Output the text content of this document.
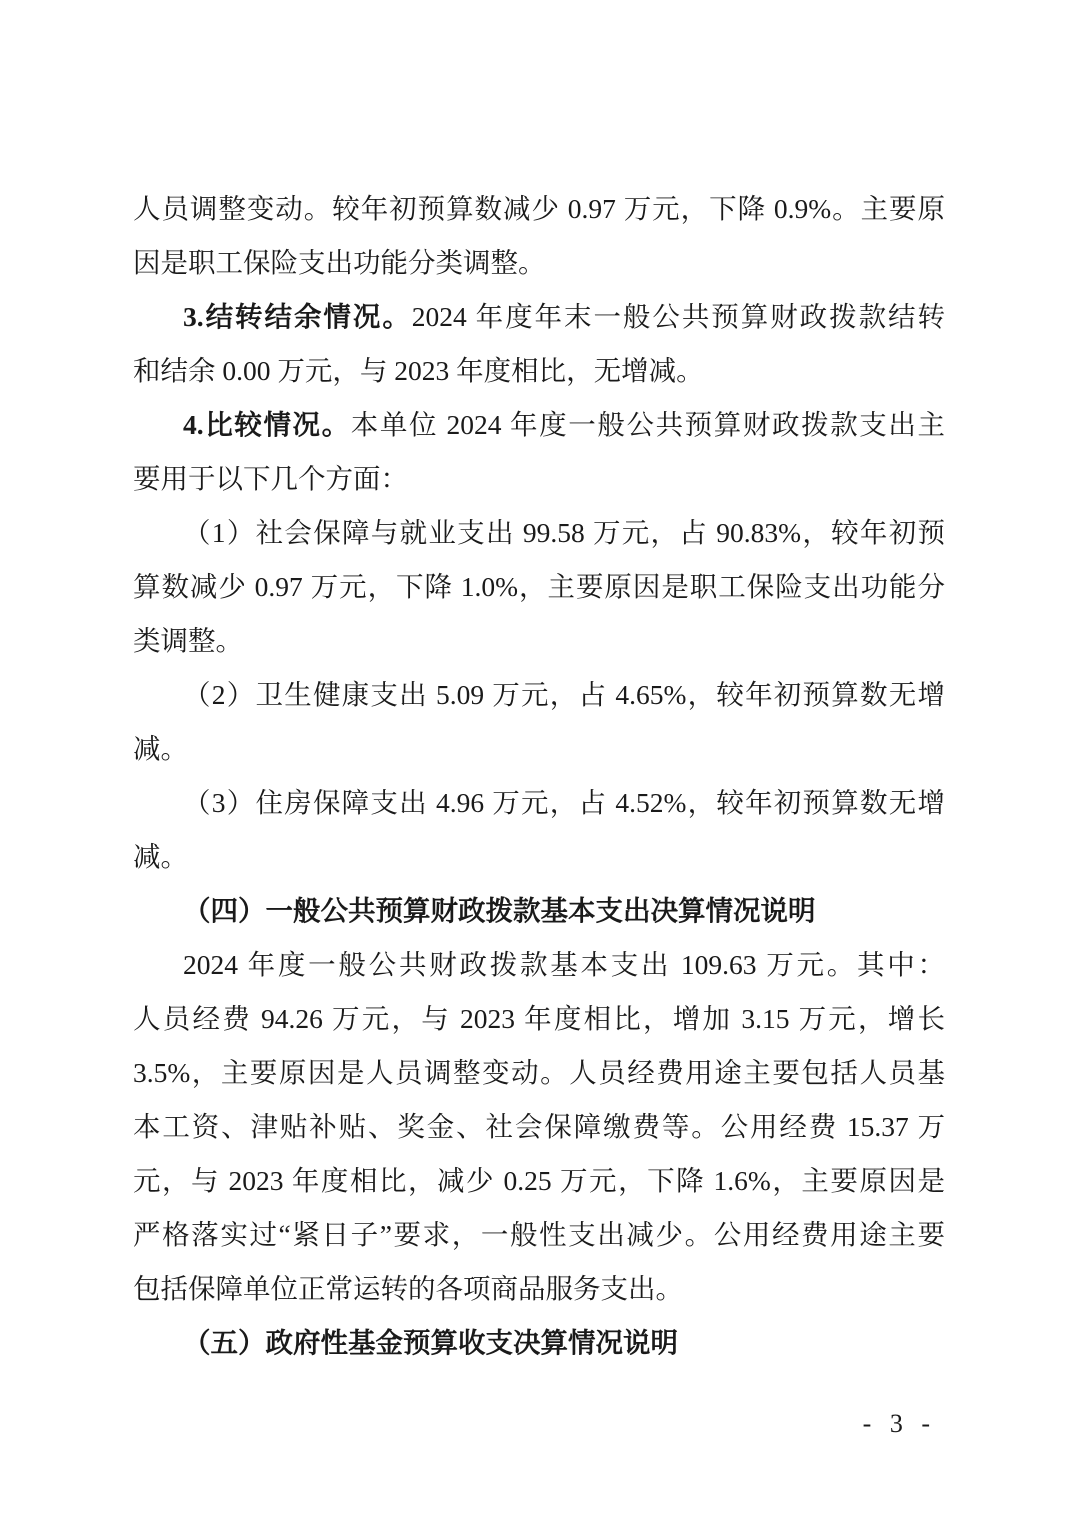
人员调整变动。较年初预算数减少 0.97 万元，下降 0.9%。主要原
因是职工保险支出功能分类调整。
3.结转结余情况。2024 年度年末一般公共预算财政拨款结转
和结余 0.00 万元，与 2023 年度相比，无增减。
4.比较情况。本单位 2024 年度一般公共预算财政拨款支出主
要用于以下几个方面：
（1）社会保障与就业支出 99.58 万元，占 90.83%，较年初预
算数减少 0.97 万元，下降 1.0%，主要原因是职工保险支出功能分
类调整。
（2）卫生健康支出 5.09 万元，占 4.65%，较年初预算数无增
减。
（3）住房保障支出 4.96 万元，占 4.52%，较年初预算数无增
减。
（四）一般公共预算财政拨款基本支出决算情况说明
2024 年度一般公共财政拨款基本支出 109.63 万元。其中：
人员经费 94.26 万元，与 2023 年度相比，增加 3.15 万元，增长
3.5%，主要原因是人员调整变动。人员经费用途主要包括人员基
本工资、津贴补贴、奖金、社会保障缴费等。公用经费 15.37 万
元，与 2023 年度相比，减少 0.25 万元，下降 1.6%，主要原因是
严格落实过“紧日子”要求，一般性支出减少。公用经费用途主要
包括保障单位正常运转的各项商品服务支出。
（五）政府性基金预算收支决算情况说明
- 3 -
